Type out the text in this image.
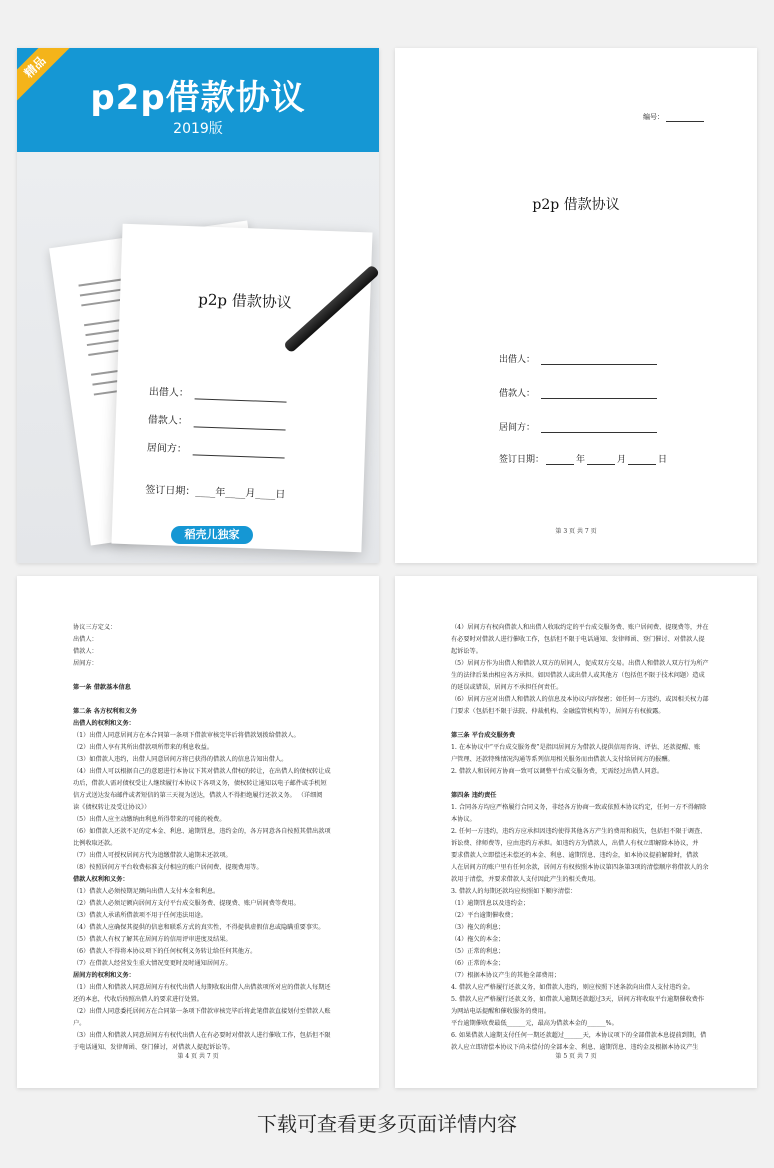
精品
p2p借款协议
2019版
p2p 借款协议
出借人：
借款人：
居间方：
签订日期：____年____月____日
稻壳儿独家
编号：
p2p 借款协议
出借人：
借款人：
居间方：
签订日期：	年	月	日
第 3 页 共 7 页

协议三方定义：

出借人：

借款人：

居间方：

第一条 借款基本信息

第二条 各方权利和义务

出借人的权利和义务：

（1）出借人同意居间方在本合同第一条项下借款审核完毕后将借款划拨给借款人。

（2）出借人享有其所出借款项所带来的利息收益。

（3）如借款人违约，出借人同意居间方将已获得的借款人的信息告知出借人。

（4）出借人可以根据自己的意愿进行本协议下其对借款人借权的转让，在出借人的债权转让成

功后，借款人需对债权受让人继续履行本协议下各项义务，债权转让通知以电子邮件或手机短

信方式送达发布邮件或者短信的第三天视为送达，借款人不得拒绝履行还款义务。 （详细阅

读《债权转让及受让协议》）

（5）出借人应主动缴纳由利息所得带来的可能的税费。

（6）如借款人还款不足的定本金、利息、逾期罚息，违约金的，各方同意各自按照其借出款项

比例收取还款。

（7）出借人可授权居间方代为追缴借款人逾期未还款项。

（8）按照居间方平台收费标准支付相应的账户居间费、提现费用等。

借款人权利和义务：

（1）借款人必须按期足额向出借人支付本金和利息。

（2）借款人必须足额向居间方支付平台成交服务费、提现费、账户居间费等费用。

（3）借款人承诺所借款项不用于任何违法用途。

（4）借款人应确保其提供的信息和联系方式的真实性，不得提供虚假信息或隐瞒重要事实。

（5）借款人有权了解其在居间方的信用评审进度及结果。

（6）借款人不得将本协议项下的任何权利义务转让给任何其他方。

（7）在借款人经营发生重大情况变更时及时通知居间方。

居间方的权利和义务：

（1）出借人和借款人同意居间方有权代出借人每期收取出借人出借款项所对应的借款人每期还

还的本息，代收后按照出借人的要求进行处置。

（2）出借人同意委托居间方在合同第一条项下借款审核完毕后将此笔借款直接划付至借款人账

户。

（3）出借人和借款人同意居间方有权代出借人在有必要时对借款人进行催收工作，包括但不限

于电话通知、发律师函、登门催讨，对借款人提起诉讼等。

第 4 页 共 7 页

（4）居间方有权向借款人和出借人收取约定的平台成交服务费、账户居间费、提现费等，并在

有必要时对借款人进行催收工作，包括但不限于电话通知、发律师函、登门催讨、对借款人提

起诉讼等。

（5）居间方作为出借人和借款人双方的居间人，促成双方交易。出借人和借款人双方行为所产

生的法律后果由相应各方承担。如因借款人或出借人或其他方（包括但不限于技术问题）造成

的延误或错误，居间方不承担任何责任。

（6）居间方应对出借人和借款人的信息及本协议内容保密；如任何一方违约，或因相关权力部

门要求（包括但不限于法院、仲裁机构、金融监管机构等），居间方有权披露。

第三条 平台成交服务费

1. 在本协议中“平台成交服务费”是指因居间方为借款人提供信用咨询、评估、还款提醒、账

户管理、还款特殊情况沟通等系列信用相关服务而由借款人支付给居间方的报酬。

2. 借款人和居间方协商一致可以调整平台成交服务费，无需经过出借人同意。

第四条 违约责任

1. 合同各方均应严格履行合同义务，非经各方协商一致或依照本协议约定，任何一方不得解除

本协议。

2. 任何一方违约，违约方应承担因违约使得其他各方产生的费用和损失，包括但不限于调查、

诉讼费、律师费等，应由违约方承担。如违约方为借款人，出借人有权立即解除本协议，并

要求借款人立即偿还未偿还的本金、利息、逾期罚息、违约金，如本协议提前解除时，借款

人在居间方的账户里有任何余款，居间方有权按照本协议第四条第3项的清偿顺序将借款人的余

款用于清偿，并要求借款人支付因此产生的相关费用。

3. 借款人的每期还款均应按照如下顺序清偿：

（1）逾期罚息以及违约金；

（2）平台逾期催收费；

（3）拖欠的利息；

（4）拖欠的本金；

（5）正常的利息；

（6）正常的本金；

（7）根据本协议产生的其他全部费用；

4. 借款人应严格履行还款义务，如借款人违约，则应按照下述条款向出借人支付违约金。

5. 借款人应严格履行还款义务，如借款人逾期还款超过3天，居间方将收取平台逾期催收费作

为网站电话提醒和催收服务的费用。

平台逾期催收费最低______元，最高为借款本金的______%。

6. 如果借款人逾期支付任何一期还款超过______天，本协议项下的全部借款本息提前到期，借

款人应立即清偿本协议下尚未偿付的全部本金、利息、逾期罚息、违约金及根据本协议产生

第 5 页 共 7 页
下载可查看更多页面详情内容
